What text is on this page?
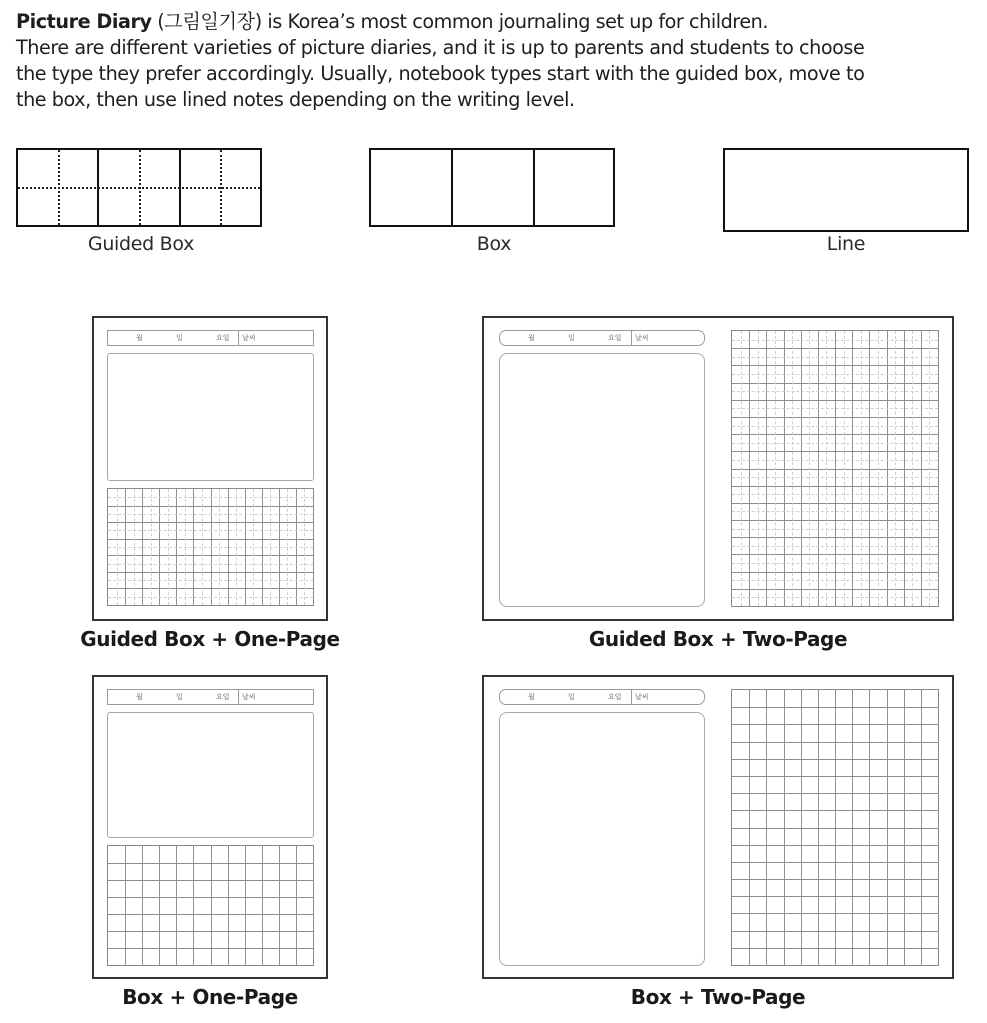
Picture Diary (그림일기장) is Korea’s most common journaling set up for children.
There are different varieties of picture diaries, and it is up to parents and students to choose
the type they prefer accordingly. Usually, notebook types start with the guided box, move to
the box, then use lined notes depending on the writing level.
Guided Box	Box	Line
월	일	요일 날씨
Guided Box + One-Page
월	일	요일 날씨
Guided Box + Two-Page
월	일	요일 날씨
Box + One-Page
월	일	요일 날씨
Box + Two-Page
